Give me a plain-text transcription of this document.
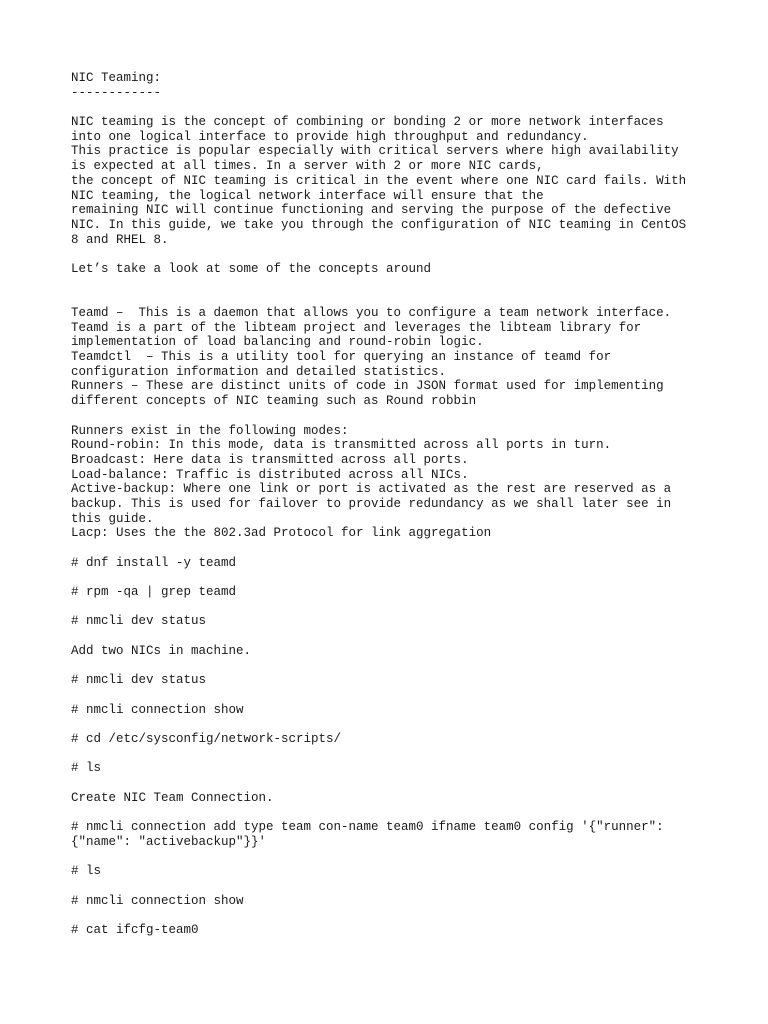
NIC Teaming:
------------
NIC teaming is the concept of combining or bonding 2 or more network interfaces
into one logical interface to provide high throughput and redundancy.
This practice is popular especially with critical servers where high availability
is expected at all times. In a server with 2 or more NIC cards,
the concept of NIC teaming is critical in the event where one NIC card fails. With
NIC teaming, the logical network interface will ensure that the
remaining NIC will continue functioning and serving the purpose of the defective
NIC. In this guide, we take you through the configuration of NIC teaming in CentOS
8 and RHEL 8.
Let’s take a look at some of the concepts around
Teamd –  This is a daemon that allows you to configure a team network interface.
Teamd is a part of the libteam project and leverages the libteam library for
implementation of load balancing and round-robin logic.
Teamdctl  – This is a utility tool for querying an instance of teamd for
configuration information and detailed statistics.
Runners – These are distinct units of code in JSON format used for implementing
different concepts of NIC teaming such as Round robbin
Runners exist in the following modes:
Round-robin: In this mode, data is transmitted across all ports in turn.
Broadcast: Here data is transmitted across all ports.
Load-balance: Traffic is distributed across all NICs.
Active-backup: Where one link or port is activated as the rest are reserved as a
backup. This is used for failover to provide redundancy as we shall later see in
this guide.
Lacp: Uses the the 802.3ad Protocol for link aggregation
# dnf install -y teamd
# rpm -qa | grep teamd
# nmcli dev status
Add two NICs in machine.
# nmcli dev status
# nmcli connection show
# cd /etc/sysconfig/network-scripts/
# ls
Create NIC Team Connection.
# nmcli connection add type team con-name team0 ifname team0 config '{"runner":
{"name": "activebackup"}}'
# ls
# nmcli connection show
# cat ifcfg-team0
